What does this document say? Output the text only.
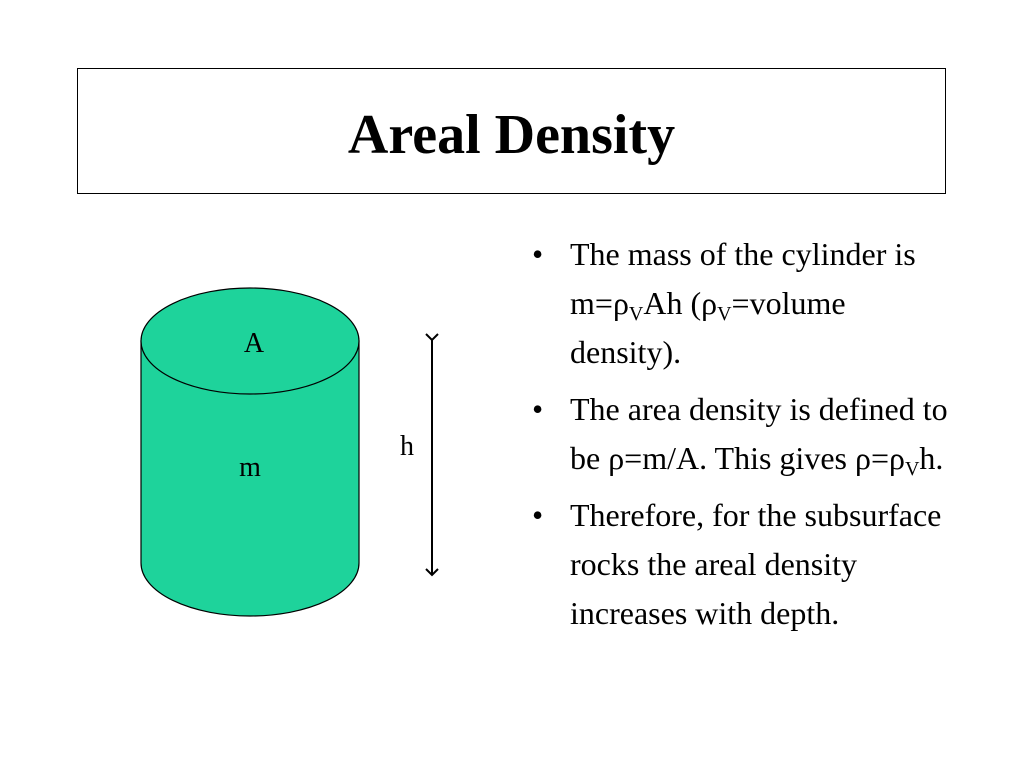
Areal Density
A
m
h
• The mass of the cylinder is $m=\rho_VAh$ ($\rho_V=volume$ density).
• The area density is defined to be ρ=m/A. This gives $\rho=\rho_Vh$.
• Therefore, for the subsurface rocks the areal density increases with depth.
